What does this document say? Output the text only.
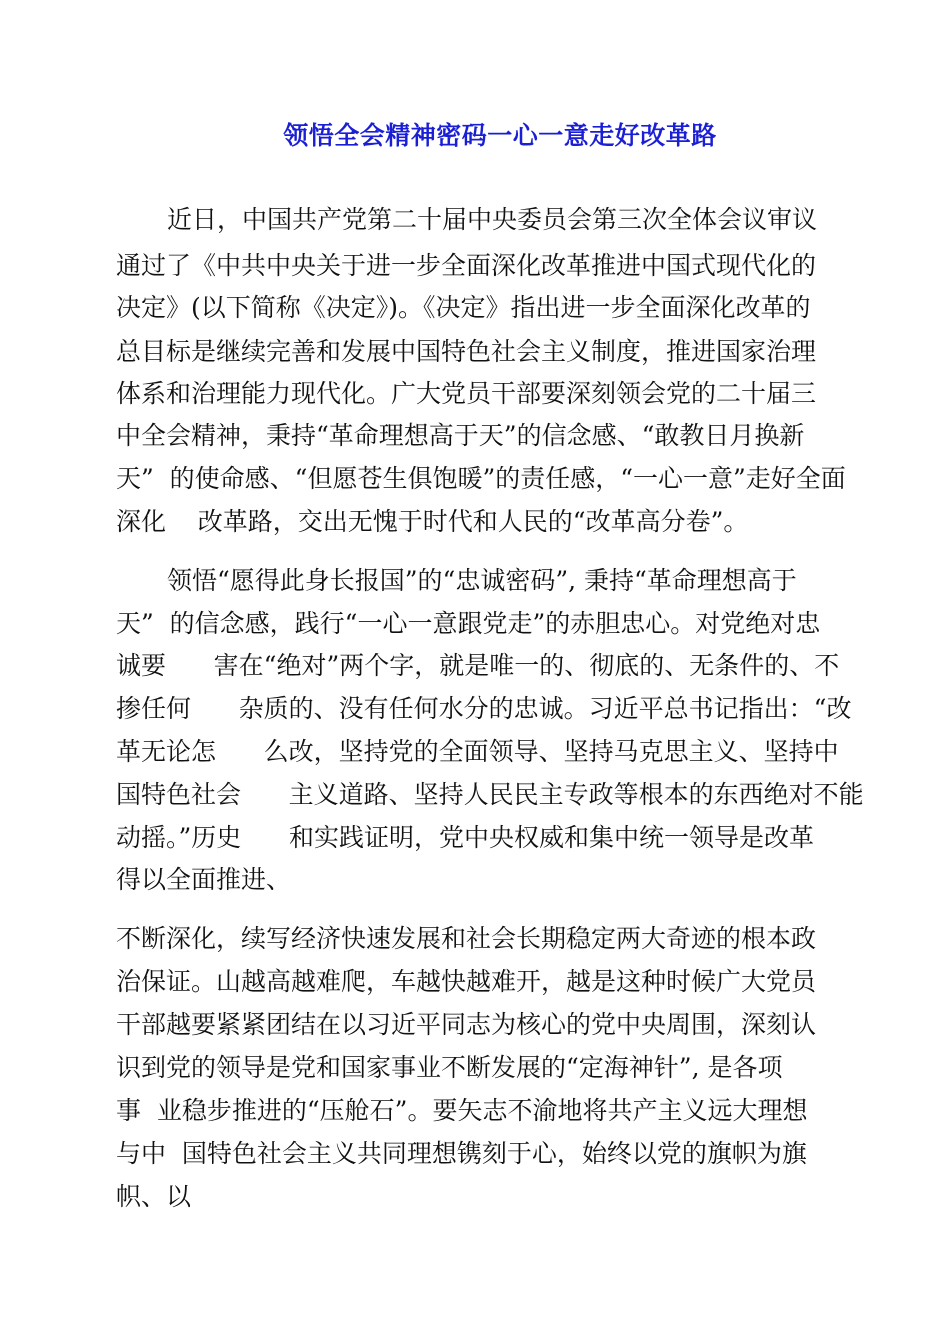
领悟全会精神密码一心一意走好改革路
近日，中国共产党第二十届中央委员会第三次全体会议审议
通过了《中共中央关于进一步全面深化改革推进中国式现代化的
决定》(以下简称《决定》)。《决定》指出进一步全面深化改革的
总目标是继续完善和发展中国特色社会主义制度，推进国家治理
体系和治理能力现代化。广大党员干部要深刻领会党的二十届三
中全会精神，秉持“革命理想高于天”的信念感、“敢教日月换新
天”  的使命感、“但愿苍生俱饱暖”的责任感，“一心一意”走好全面
深化    改革路，交出无愧于时代和人民的“改革高分卷”。
领悟“愿得此身长报国”的“忠诚密码”, 秉持“革命理想高于
天”  的信念感，践行“一心一意跟党走”的赤胆忠心。对党绝对忠
诚要      害在“绝对”两个字，就是唯一的、彻底的、无条件的、不
掺任何      杂质的、没有任何水分的忠诚。习近平总书记指出：“改
革无论怎      么改，坚持党的全面领导、坚持马克思主义、坚持中
国特色社会      主义道路、坚持人民民主专政等根本的东西绝对不能
动摇。”历史      和实践证明，党中央权威和集中统一领导是改革
得以全面推进、
不断深化，续写经济快速发展和社会长期稳定两大奇迹的根本政
治保证。山越高越难爬，车越快越难开，越是这种时候广大党员
干部越要紧紧团结在以习近平同志为核心的党中央周围，深刻认
识到党的领导是党和国家事业不断发展的“定海神针”, 是各项
事  业稳步推进的“压舱石”。要矢志不渝地将共产主义远大理想
与中  国特色社会主义共同理想镌刻于心，始终以党的旗帜为旗
帜、以
